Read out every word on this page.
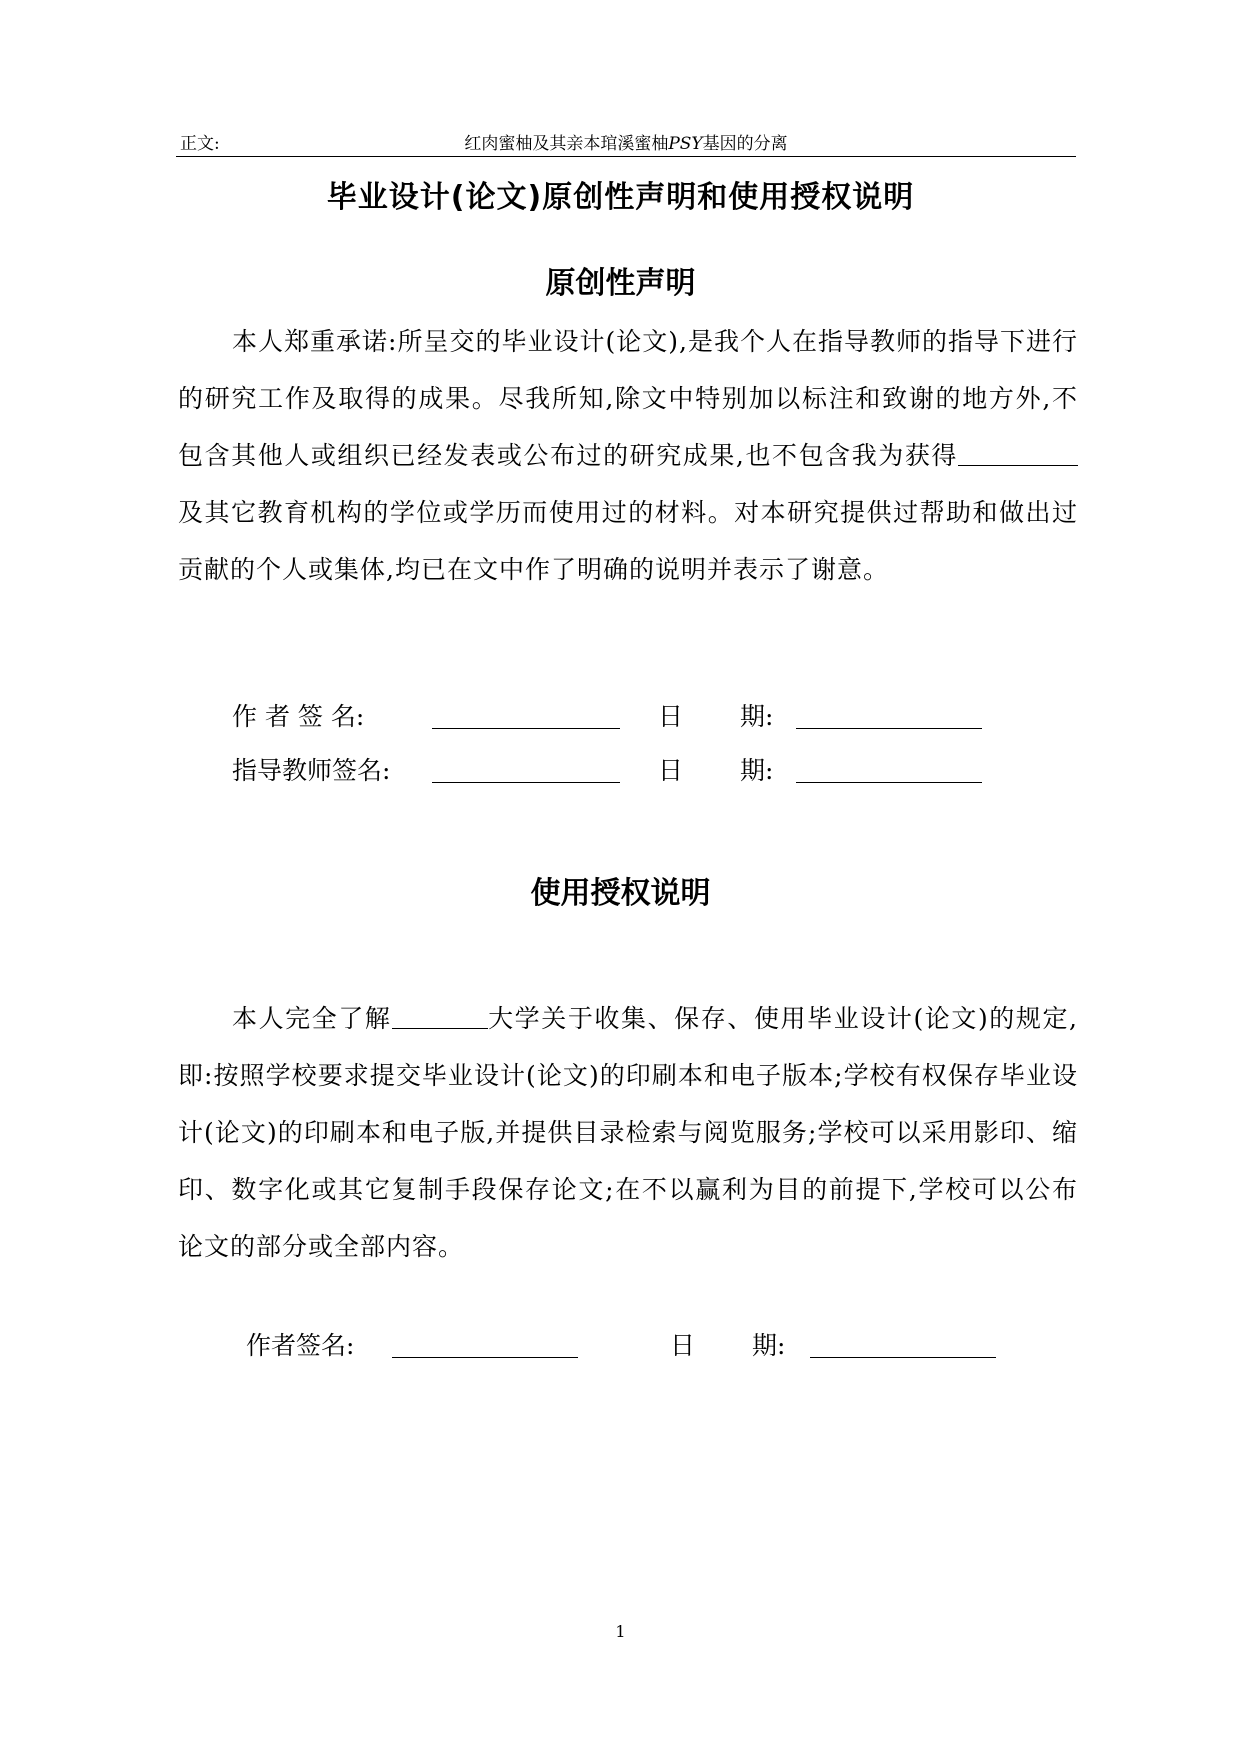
正文:	红肉蜜柚及其亲本琯溪蜜柚PSY基因的分离
毕业设计(论文)原创性声明和使用授权说明
原创性声明
本人郑重承诺:所呈交的毕业设计(论文),是我个人在指导教师的指导下进行的研究工作及取得的成果。尽我所知,除文中特别加以标注和致谢的地方外,不包含其他人或组织已经发表或公布过的研究成果,也不包含我为获得及其它教育机构的学位或学历而使用过的材料。对本研究提供过帮助和做出过贡献的个人或集体,均已在文中作了明确的说明并表示了谢意。
作 者 签 名:	日 期:
指导教师签名:	日 期:
使用授权说明
本人完全了解	大学关于收集、保存、使用毕业设计(论文)的规定,即:按照学校要求提交毕业设计(论文)的印刷本和电子版本;学校有权保存毕业设计(论文)的印刷本和电子版,并提供目录检索与阅览服务;学校可以采用影印、缩印、数字化或其它复制手段保存论文;在不以赢利为目的前提下,学校可以公布论文的部分或全部内容。
作者签名:	日 期:
1
